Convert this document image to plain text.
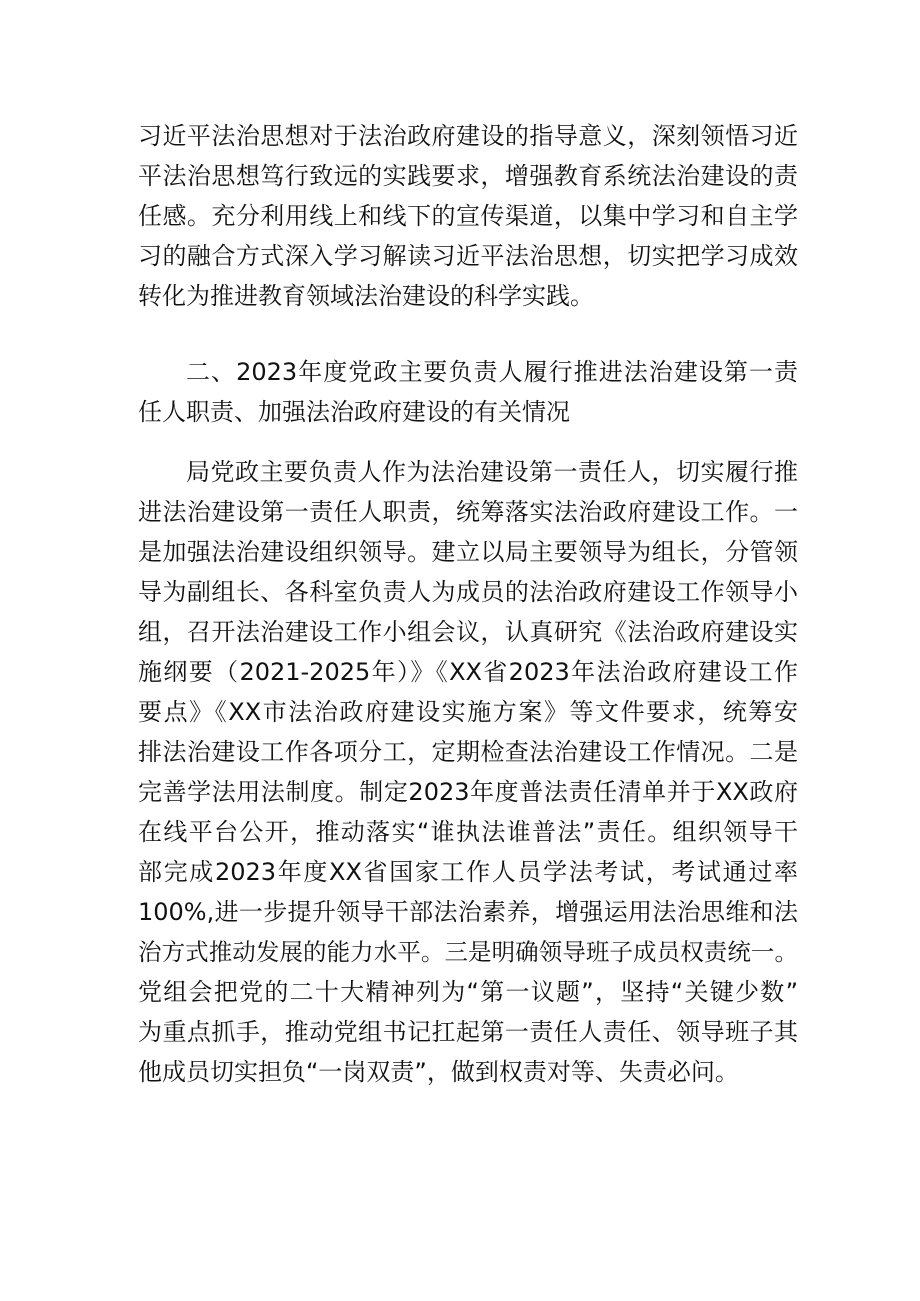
习近平法治思想对于法治政府建设的指导意义，深刻领悟习近
平法治思想笃行致远的实践要求，增强教育系统法治建设的责
任感。充分利用线上和线下的宣传渠道，以集中学习和自主学
习的融合方式深入学习解读习近平法治思想，切实把学习成效
转化为推进教育领域法治建设的科学实践。
二、2023年度党政主要负责人履行推进法治建设第一责
任人职责、加强法治政府建设的有关情况
局党政主要负责人作为法治建设第一责任人，切实履行推
进法治建设第一责任人职责，统筹落实法治政府建设工作。一
是加强法治建设组织领导。建立以局主要领导为组长，分管领
导为副组长、各科室负责人为成员的法治政府建设工作领导小
组，召开法治建设工作小组会议，认真研究《法治政府建设实
施纲要（2021-2025年）》《XX省2023年法治政府建设工作
要点》《XX市法治政府建设实施方案》等文件要求，统筹安
排法治建设工作各项分工，定期检查法治建设工作情况。二是
完善学法用法制度。制定2023年度普法责任清单并于XX政府
在线平台公开，推动落实“谁执法谁普法”责任。组织领导干
部完成2023年度XX省国家工作人员学法考试，考试通过率
100%,进一步提升领导干部法治素养，增强运用法治思维和法
治方式推动发展的能力水平。三是明确领导班子成员权责统一。
党组会把党的二十大精神列为“第一议题”，坚持“关键少数”
为重点抓手，推动党组书记扛起第一责任人责任、领导班子其
他成员切实担负“一岗双责”，做到权责对等、失责必问。
